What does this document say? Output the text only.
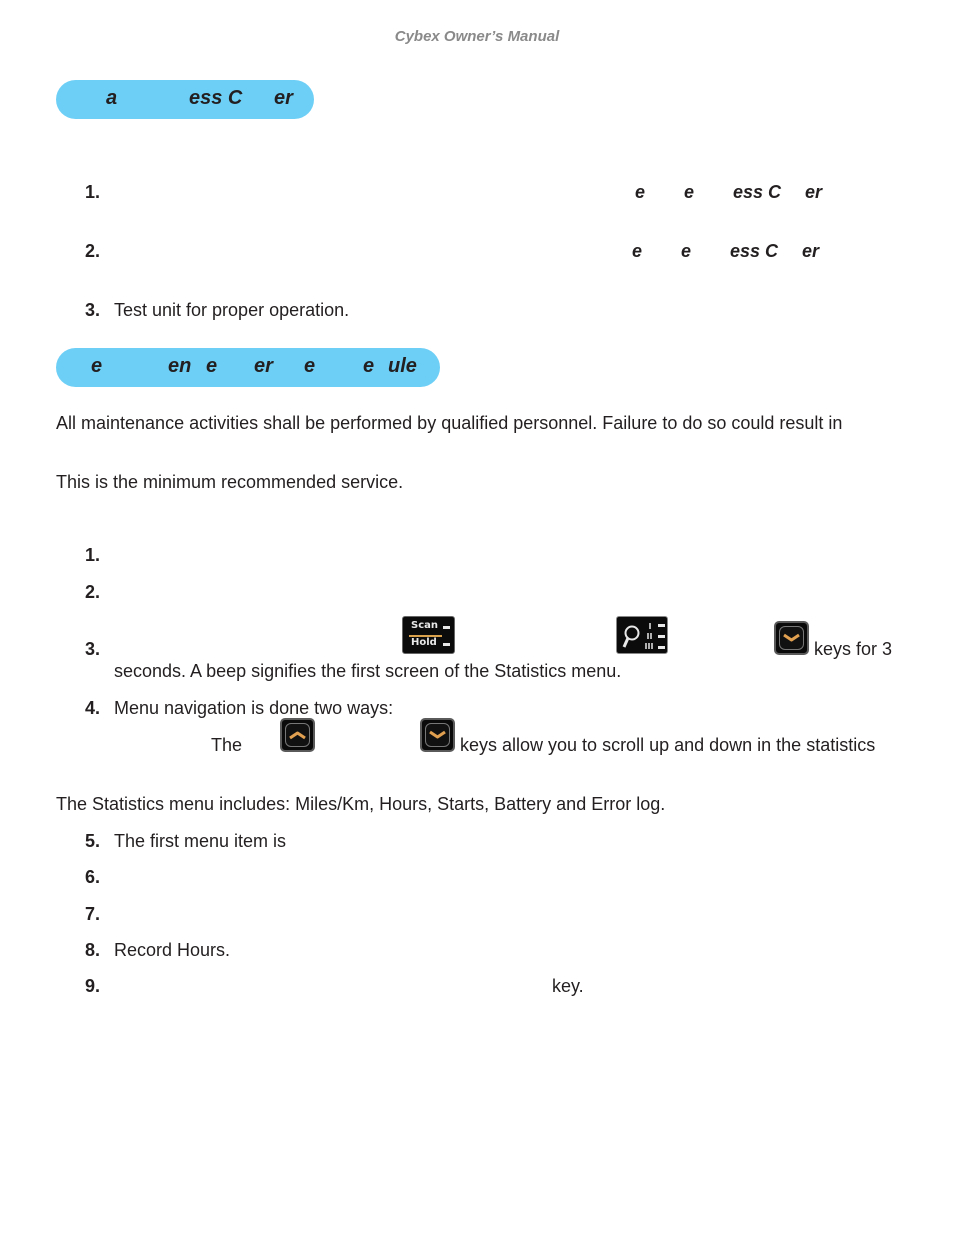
Cybex Owner’s Manual
a	ess C er
1.	e e ess C er
2.	e e ess C er
3. Test unit for proper operation.
e	en e er e e ule
All maintenance activities shall be performed by qualified personnel. Failure to do so could result in
This is the minimum recommended service.
1.
2.
3.
Scan
Hold	keys for 3
seconds. A beep signifies the first screen of the Statistics menu.
4. Menu navigation is done two ways:
The	keys allow you to scroll up and down in the statistics
The Statistics menu includes: Miles/Km, Hours, Starts, Battery and Error log.
5. The first menu item is
6.
7.
8. Record Hours.
9.	key.
